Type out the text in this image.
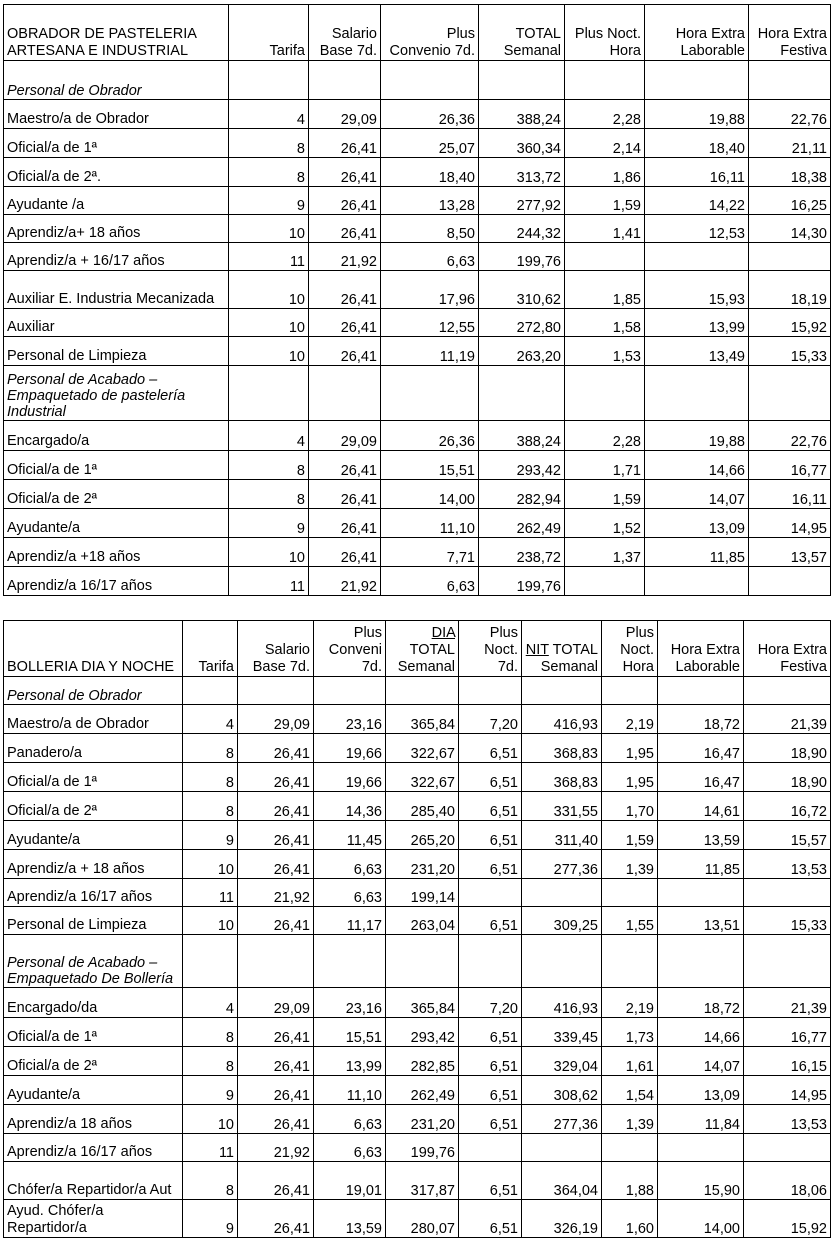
OBRADOR DE PASTELERIA ARTESANA E INDUSTRIAL	Tarifa	Salario Base 7d.	Plus Convenio 7d.	TOTAL Semanal	Plus Noct. Hora	Hora Extra Laborable	Hora Extra Festiva
Personal de Obrador							
Maestro/a de Obrador	4	29,09	26,36	388,24	2,28	19,88	22,76
Oficial/a de 1ª	8	26,41	25,07	360,34	2,14	18,40	21,11
Oficial/a de 2ª.	8	26,41	18,40	313,72	1,86	16,11	18,38
Ayudante /a	9	26,41	13,28	277,92	1,59	14,22	16,25
Aprendiz/a+ 18 años	10	26,41	8,50	244,32	1,41	12,53	14,30
Aprendiz/a + 16/17 años	11	21,92	6,63	199,76			
Auxiliar E. Industria Mecanizada	10	26,41	17,96	310,62	1,85	15,93	18,19
Auxiliar	10	26,41	12,55	272,80	1,58	13,99	15,92
Personal de Limpieza	10	26,41	11,19	263,20	1,53	13,49	15,33
Personal de Acabado – Empaquetado de pastelería Industrial							
Encargado/a	4	29,09	26,36	388,24	2,28	19,88	22,76
Oficial/a de 1ª	8	26,41	15,51	293,42	1,71	14,66	16,77
Oficial/a de 2ª	8	26,41	14,00	282,94	1,59	14,07	16,11
Ayudante/a	9	26,41	11,10	262,49	1,52	13,09	14,95
Aprendiz/a +18 años	10	26,41	7,71	238,72	1,37	11,85	13,57
Aprendiz/a 16/17 años	11	21,92	6,63	199,76			
BOLLERIA DIA Y NOCHE	Tarifa	Salario Base 7d.	Plus Conveni 7d.	DIA TOTAL Semanal	Plus Noct. 7d.	NIT TOTAL Semanal	Plus Noct. Hora	Hora Extra Laborable	Hora Extra Festiva
Personal de Obrador									
Maestro/a de Obrador	4	29,09	23,16	365,84	7,20	416,93	2,19	18,72	21,39
Panadero/a	8	26,41	19,66	322,67	6,51	368,83	1,95	16,47	18,90
Oficial/a de 1ª	8	26,41	19,66	322,67	6,51	368,83	1,95	16,47	18,90
Oficial/a de 2ª	8	26,41	14,36	285,40	6,51	331,55	1,70	14,61	16,72
Ayudante/a	9	26,41	11,45	265,20	6,51	311,40	1,59	13,59	15,57
Aprendiz/a + 18 años	10	26,41	6,63	231,20	6,51	277,36	1,39	11,85	13,53
Aprendiz/a 16/17 años	11	21,92	6,63	199,14					
Personal de Limpieza	10	26,41	11,17	263,04	6,51	309,25	1,55	13,51	15,33
Personal de Acabado – Empaquetado De Bollería									
Encargado/da	4	29,09	23,16	365,84	7,20	416,93	2,19	18,72	21,39
Oficial/a de 1ª	8	26,41	15,51	293,42	6,51	339,45	1,73	14,66	16,77
Oficial/a de 2ª	8	26,41	13,99	282,85	6,51	329,04	1,61	14,07	16,15
Ayudante/a	9	26,41	11,10	262,49	6,51	308,62	1,54	13,09	14,95
Aprendiz/a 18 años	10	26,41	6,63	231,20	6,51	277,36	1,39	11,84	13,53
Aprendiz/a 16/17 años	11	21,92	6,63	199,76					
Chófer/a Repartidor/a Aut	8	26,41	19,01	317,87	6,51	364,04	1,88	15,90	18,06
Ayud. Chófer/a Repartidor/a	9	26,41	13,59	280,07	6,51	326,19	1,60	14,00	15,92
